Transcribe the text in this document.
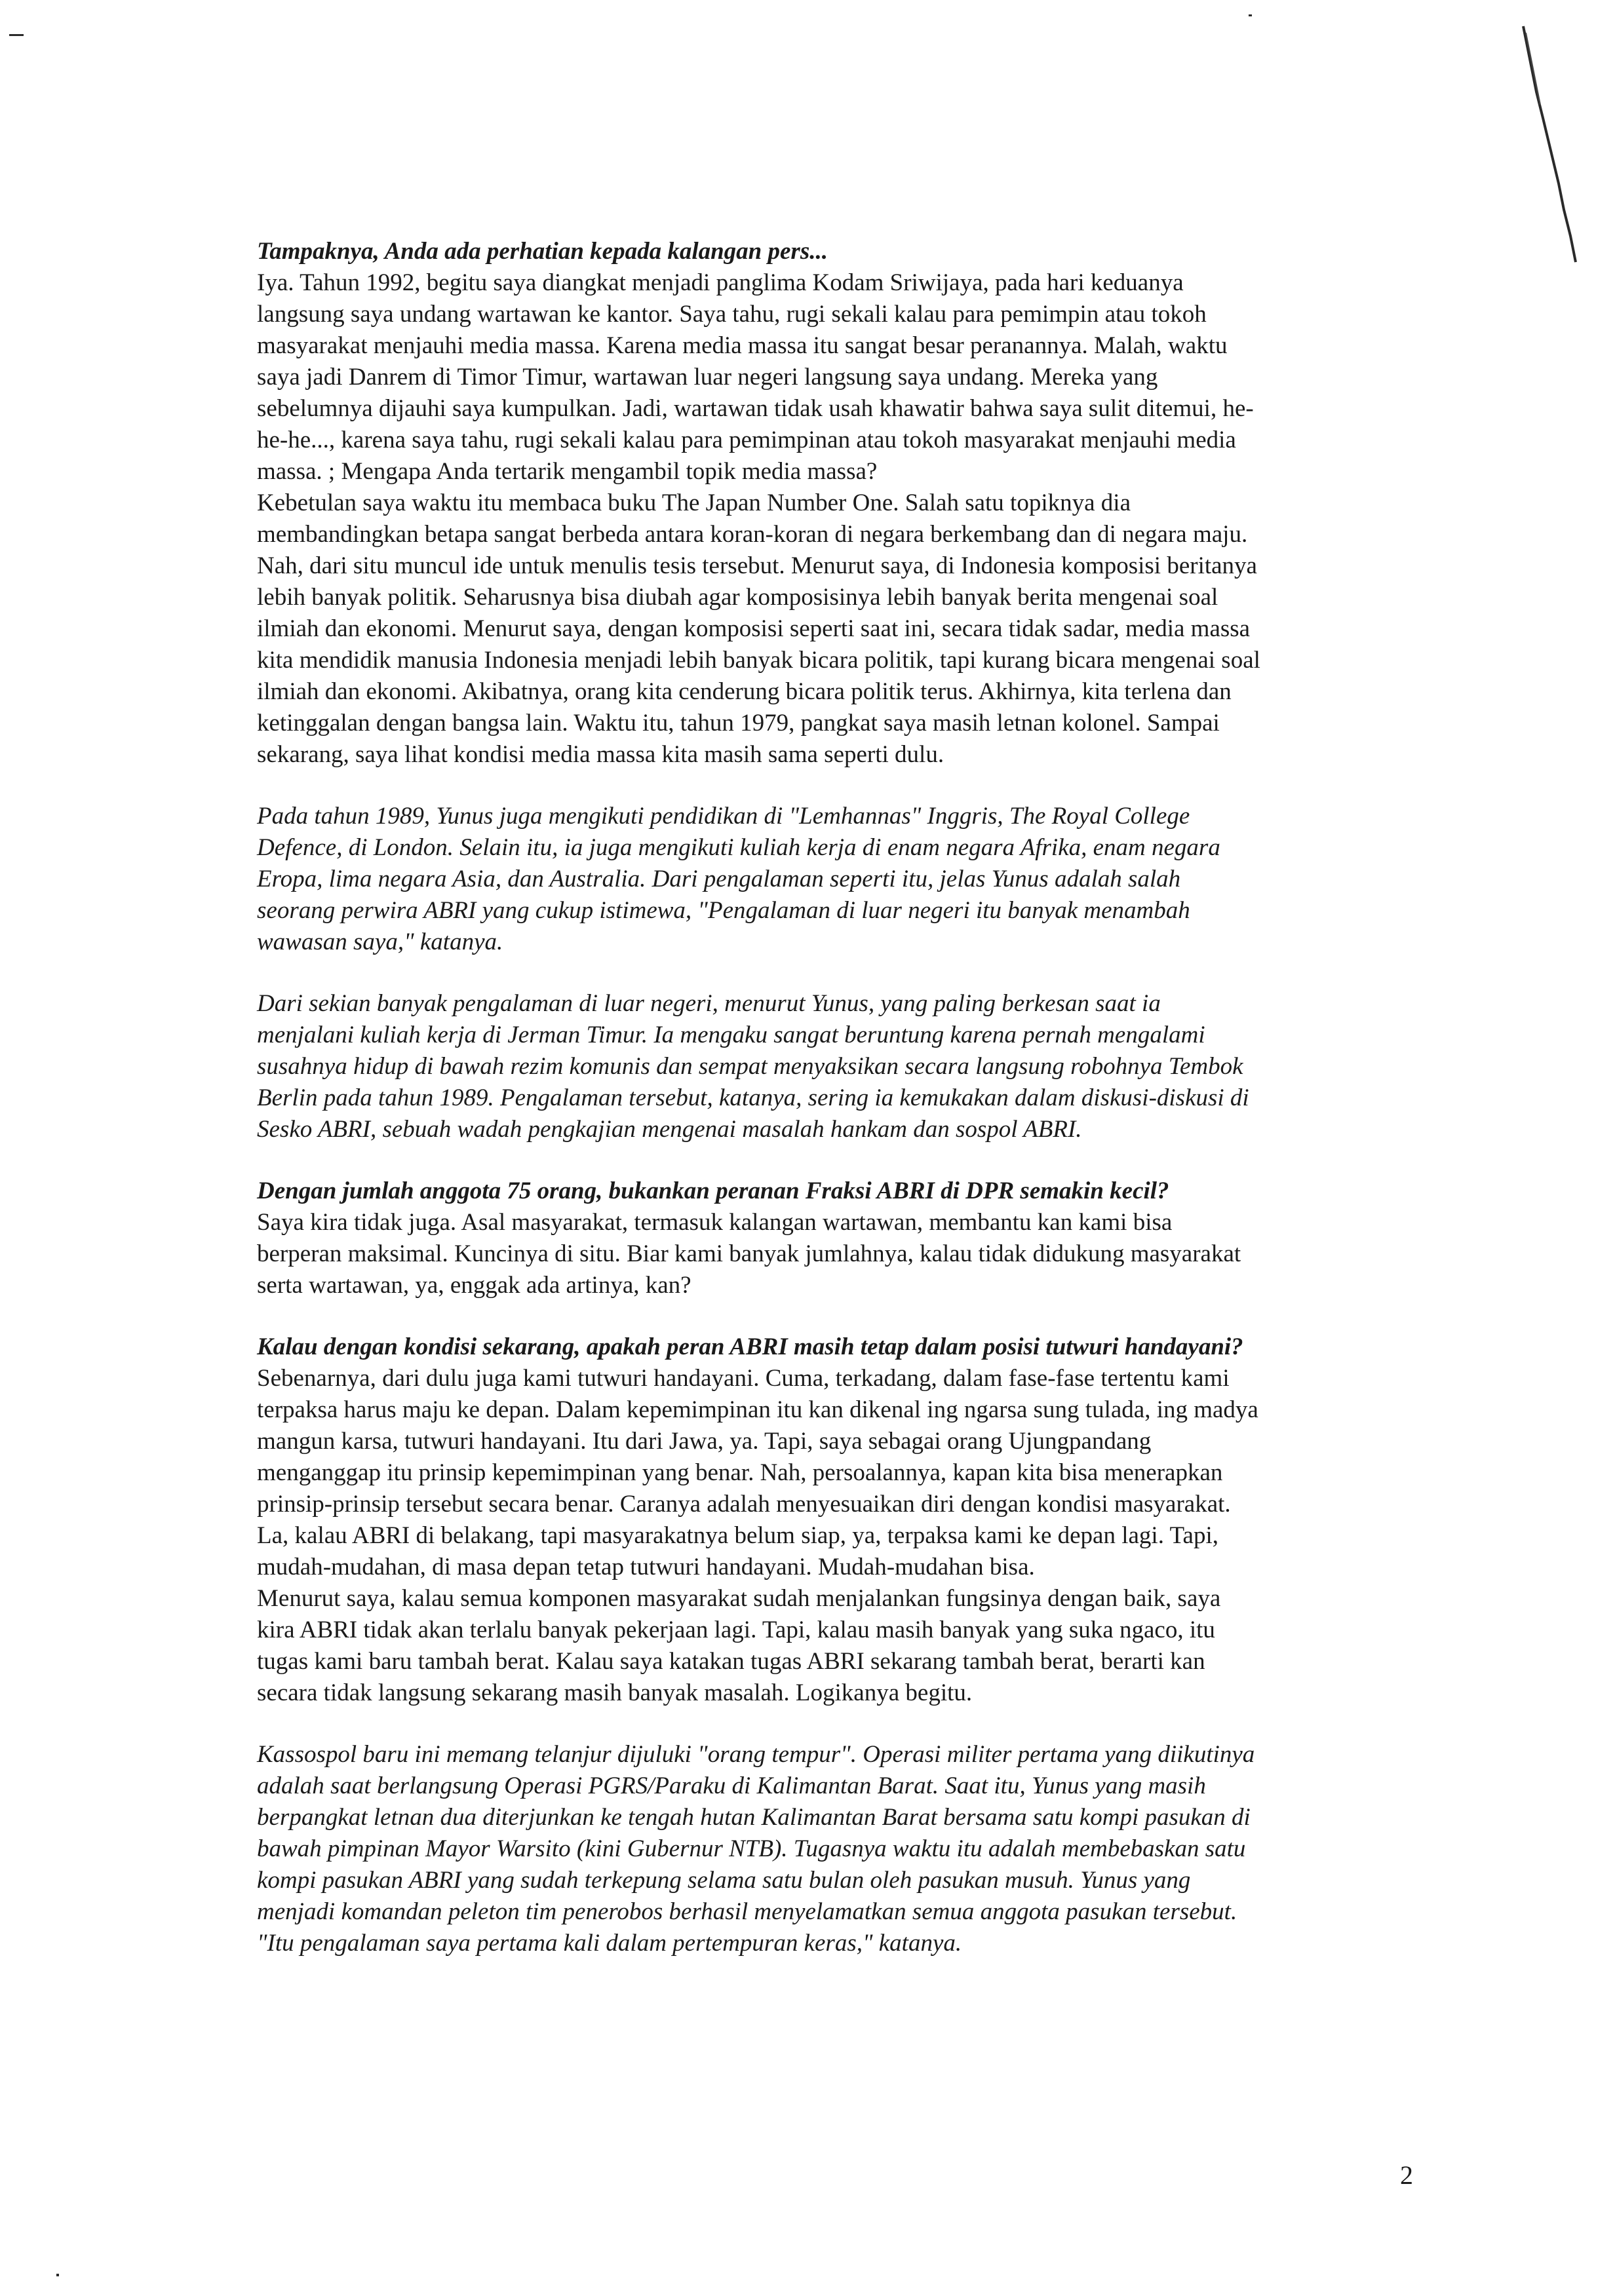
Tampaknya, Anda ada perhatian kepada kalangan pers...

Iya. Tahun 1992, begitu saya diangkat menjadi panglima Kodam Sriwijaya, pada hari keduanya
langsung saya undang wartawan ke kantor. Saya tahu, rugi sekali kalau para pemimpin atau tokoh
masyarakat menjauhi media massa. Karena media massa itu sangat besar peranannya. Malah, waktu
saya jadi Danrem di Timor Timur, wartawan luar negeri langsung saya undang. Mereka yang
sebelumnya dijauhi saya kumpulkan. Jadi, wartawan tidak usah khawatir bahwa saya sulit ditemui, he-
he-he..., karena saya tahu, rugi sekali kalau para pemimpinan atau tokoh masyarakat menjauhi media
massa. ; Mengapa Anda tertarik mengambil topik media massa?
Kebetulan saya waktu itu membaca buku The Japan Number One. Salah satu topiknya dia
membandingkan betapa sangat berbeda antara koran-koran di negara berkembang dan di negara maju.
Nah, dari situ muncul ide untuk menulis tesis tersebut. Menurut saya, di Indonesia komposisi beritanya
lebih banyak politik. Seharusnya bisa diubah agar komposisinya lebih banyak berita mengenai soal
ilmiah dan ekonomi. Menurut saya, dengan komposisi seperti saat ini, secara tidak sadar, media massa
kita mendidik manusia Indonesia menjadi lebih banyak bicara politik, tapi kurang bicara mengenai soal
ilmiah dan ekonomi. Akibatnya, orang kita cenderung bicara politik terus. Akhirnya, kita terlena dan
ketinggalan dengan bangsa lain. Waktu itu, tahun 1979, pangkat saya masih letnan kolonel. Sampai
sekarang, saya lihat kondisi media massa kita masih sama seperti dulu.

Pada tahun 1989, Yunus juga mengikuti pendidikan di "Lemhannas" Inggris, The Royal College
Defence, di London. Selain itu, ia juga mengikuti kuliah kerja di enam negara Afrika, enam negara
Eropa, lima negara Asia, dan Australia. Dari pengalaman seperti itu, jelas Yunus adalah salah
seorang perwira ABRI yang cukup istimewa, "Pengalaman di luar negeri itu banyak menambah
wawasan saya," katanya.

Dari sekian banyak pengalaman di luar negeri, menurut Yunus, yang paling berkesan saat ia
menjalani kuliah kerja di Jerman Timur. Ia mengaku sangat beruntung karena pernah mengalami
susahnya hidup di bawah rezim komunis dan sempat menyaksikan secara langsung robohnya Tembok
Berlin pada tahun 1989. Pengalaman tersebut, katanya, sering ia kemukakan dalam diskusi-diskusi di
Sesko ABRI, sebuah wadah pengkajian mengenai masalah hankam dan sospol ABRI.

Dengan jumlah anggota 75 orang, bukankan peranan Fraksi ABRI di DPR semakin kecil?

Saya kira tidak juga. Asal masyarakat, termasuk kalangan wartawan, membantu kan kami bisa
berperan maksimal. Kuncinya di situ. Biar kami banyak jumlahnya, kalau tidak didukung masyarakat
serta wartawan, ya, enggak ada artinya, kan?

Kalau dengan kondisi sekarang, apakah peran ABRI masih tetap dalam posisi tutwuri handayani?

Sebenarnya, dari dulu juga kami tutwuri handayani. Cuma, terkadang, dalam fase-fase tertentu kami
terpaksa harus maju ke depan. Dalam kepemimpinan itu kan dikenal ing ngarsa sung tulada, ing madya
mangun karsa, tutwuri handayani. Itu dari Jawa, ya. Tapi, saya sebagai orang Ujungpandang
menganggap itu prinsip kepemimpinan yang benar. Nah, persoalannya, kapan kita bisa menerapkan
prinsip-prinsip tersebut secara benar. Caranya adalah menyesuaikan diri dengan kondisi masyarakat.
La, kalau ABRI di belakang, tapi masyarakatnya belum siap, ya, terpaksa kami ke depan lagi. Tapi,
mudah-mudahan, di masa depan tetap tutwuri handayani. Mudah-mudahan bisa.
Menurut saya, kalau semua komponen masyarakat sudah menjalankan fungsinya dengan baik, saya
kira ABRI tidak akan terlalu banyak pekerjaan lagi. Tapi, kalau masih banyak yang suka ngaco, itu
tugas kami baru tambah berat. Kalau saya katakan tugas ABRI sekarang tambah berat, berarti kan
secara tidak langsung sekarang masih banyak masalah. Logikanya begitu.

Kassospol baru ini memang telanjur dijuluki "orang tempur". Operasi militer pertama yang diikutinya
adalah saat berlangsung Operasi PGRS/Paraku di Kalimantan Barat. Saat itu, Yunus yang masih
berpangkat letnan dua diterjunkan ke tengah hutan Kalimantan Barat bersama satu kompi pasukan di
bawah pimpinan Mayor Warsito (kini Gubernur NTB). Tugasnya waktu itu adalah membebaskan satu
kompi pasukan ABRI yang sudah terkepung selama satu bulan oleh pasukan musuh. Yunus yang
menjadi komandan peleton tim penerobos berhasil menyelamatkan semua anggota pasukan tersebut.
"Itu pengalaman saya pertama kali dalam pertempuran keras," katanya.

2
